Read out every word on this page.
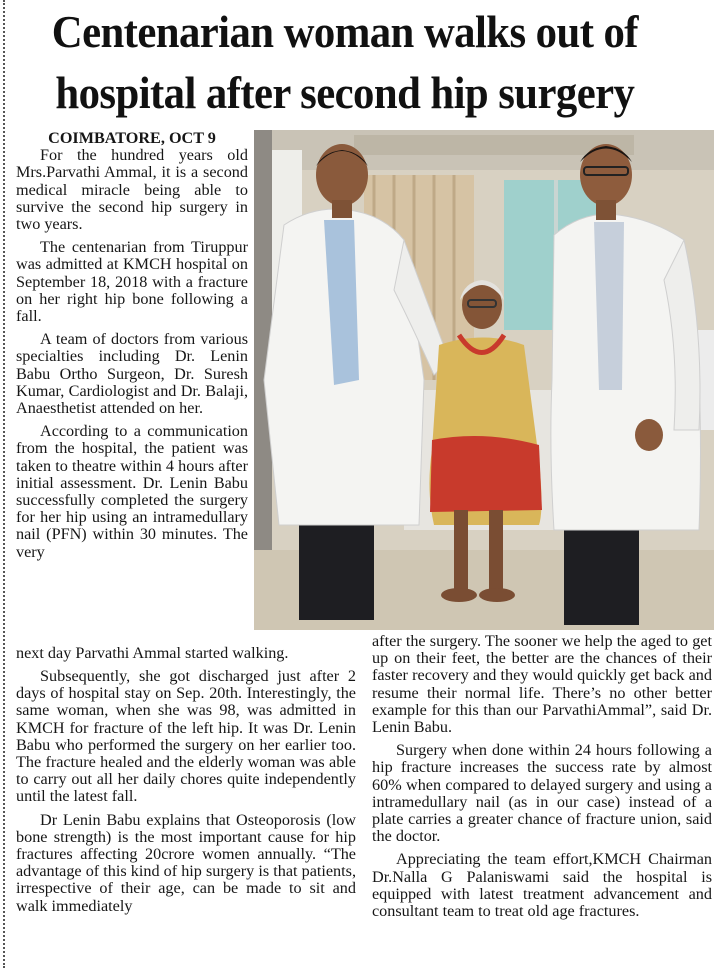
Centenarian woman walks out of hospital after second hip surgery

COIMBATORE, OCT 9

For the hundred years old Mrs.Parvathi Ammal, it is a second medical miracle being able to survive the second hip surgery in two years.

The centenarian from Tiruppur was admitted at KMCH hospital on September 18, 2018 with a fracture on her right hip bone following a fall.

A team of doctors from various specialties including Dr. Lenin Babu Ortho Surgeon, Dr. Suresh Kumar, Cardiologist and Dr. Balaji, Anaesthetist attended on her.

According to a communication from the hospital, the patient was taken to theatre within 4 hours after initial assessment. Dr. Lenin Babu successfully completed the surgery for her hip using an intramedullary nail (PFN) within 30 minutes. The very

next day Parvathi Ammal started walking.

Subsequently, she got discharged just after 2 days of hospital stay on Sep. 20th. Interestingly, the same woman, when she was 98, was admitted in KMCH for fracture of the left hip. It was Dr. Lenin Babu who performed the surgery on her earlier too. The fracture healed and the elderly woman was able to carry out all her daily chores quite independently until the latest fall.

Dr Lenin Babu explains that Osteoporosis (low bone strength) is the most important cause for hip fractures affecting 20crore women annually. “The advantage of this kind of hip surgery is that patients, irrespective of their age, can be made to sit and walk immediately

after the surgery. The sooner we help the aged to get up on their feet, the better are the chances of their faster recovery and they would quickly get back and resume their normal life. There’s no other better example for this than our ParvathiAmmal”, said Dr. Lenin Babu.

Surgery when done within 24 hours following a hip fracture increases the success rate by almost 60% when compared to delayed surgery and using a intramedullary nail (as in our case) instead of a plate carries a greater chance of fracture union, said the doctor.

Appreciating the team effort,KMCH Chairman Dr.Nalla G Palaniswami said the hospital is equipped with latest treatment advancement and consultant team to treat old age fractures.
